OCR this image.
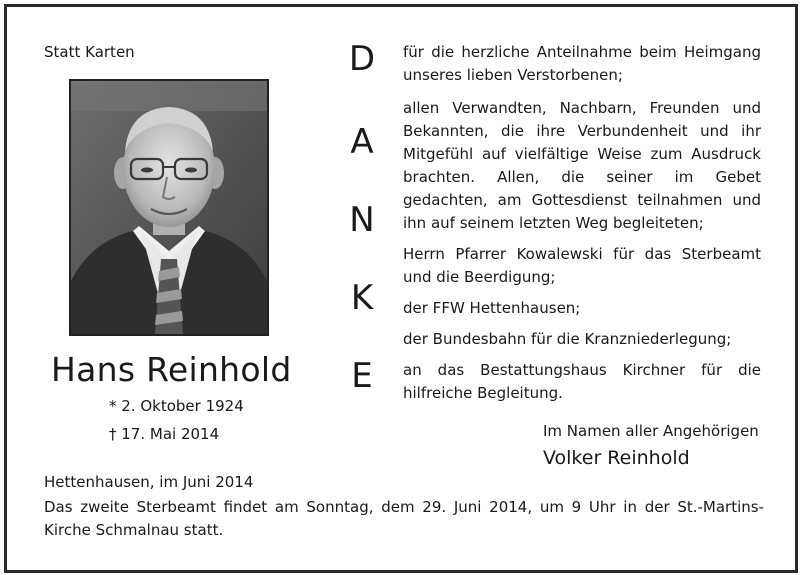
Statt Karten
Hans Reinhold
* 2. Oktober 1924
† 17. Mai 2014
D
A
N
K
E

für die herzliche Anteilnahme beim Heimgang unseres lieben Verstorbenen;

allen Verwandten, Nachbarn, Freunden und Bekannten, die ihre Verbundenheit und ihr Mitgefühl auf vielfältige Weise zum Ausdruck brachten. Allen, die seiner im Gebet gedachten, am Gottesdienst teilnahmen und ihn auf seinem letzten Weg begleiteten;

Herrn Pfarrer Kowalewski für das Sterbeamt und die Beerdigung;

der FFW Hettenhausen;

der Bundesbahn für die Kranzniederlegung;

an das Bestattungshaus Kirchner für die hilfreiche Begleitung.

Im Namen aller Angehörigen
Volker Reinhold
Hettenhausen, im Juni 2014
Das zweite Sterbeamt findet am Sonntag, dem 29. Juni 2014, um 9 Uhr in der St.-Martins-Kirche Schmalnau statt.
